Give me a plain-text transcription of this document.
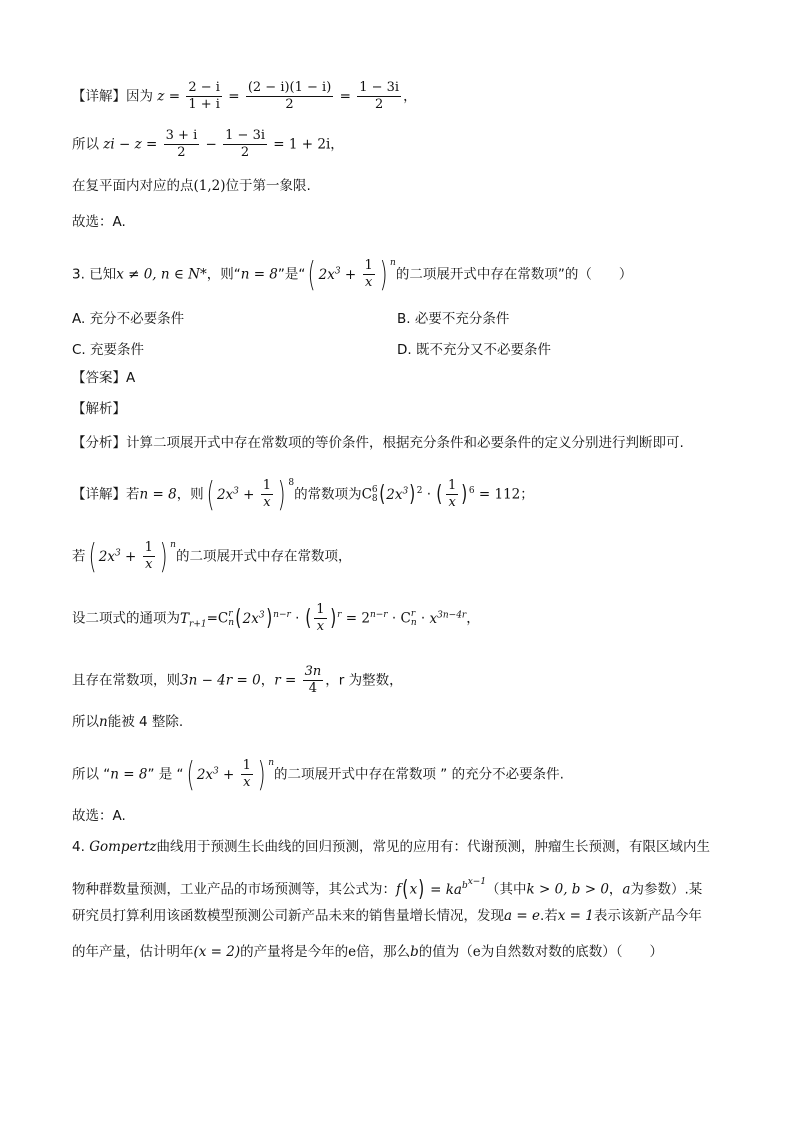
【详解】因为 $z = \frac{2 - i}{1 + i} = \frac{(2 - i)(1 - i)}{2} = \frac{1 - 3i}{2}$ ，
所以 zi − $z = \frac{3 + i}{2} - \frac{1 - 3i}{2} = 1 + 2i$，
在复平面内对应的点(1,2)位于第一象限.
故选：A.
3. 已知x ≠ 0, n ∈ N*，则“n = 8”是“( $2x^3 + \frac{1}{x}$ ) $^n$的二项展开式中存在常数项”的（　　）
A. 充分不必要条件	B. 必要不充分条件
C. 充要条件	D. 既不充分又不必要条件
【答案】A
【解析】
【分析】计算二项展开式中存在常数项的等价条件，根据充分条件和必要条件的定义分别进行判断即可.
【详解】若n = 8，则( $2x^3 + \frac{1}{x}$ ) $^8$的常数项为C 6
8 $(2x^3)^2$ · ( $\frac{1}{x} )^6 = 112$；
若( $2x^3 + \frac{1}{x}$ ) $^n$的二项展开式中存在常数项，
设二项式的通项为$T_{r+1}=C$ r
n $(2x^3)^{n-r}$ · ( $\frac{1}{x} )^r = 2^{n-r} \cdot C$ r
$n \cdot x^{3n-4r}$，
且存在常数项，则3n − 4r = 0，$r = \frac{3n}{4}$ ，r 为整数，
所以n能被 4 整除.
所以 “n = 8” 是 “( $2x^3 + \frac{1}{x}$ ) $^n$的二项展开式中存在常数项 ” 的充分不必要条件.
故选：A.
4. Gompertz曲线用于预测生长曲线的回归预测，常见的应用有：代谢预测，肿瘤生长预测，有限区域内生
物种群数量预测，工业产品的市场预测等，其公式为：$f(x) = ka^{b^{x-1}}$（其中k > 0, b > 0，a为参数）.某
研究员打算利用该函数模型预测公司新产品未来的销售量增长情况，发现a = e.若x = 1表示该新产品今年
的年产量，估计明年(x = 2)的产量将是今年的e倍，那么b的值为（e为自然数对数的底数）（　　）
